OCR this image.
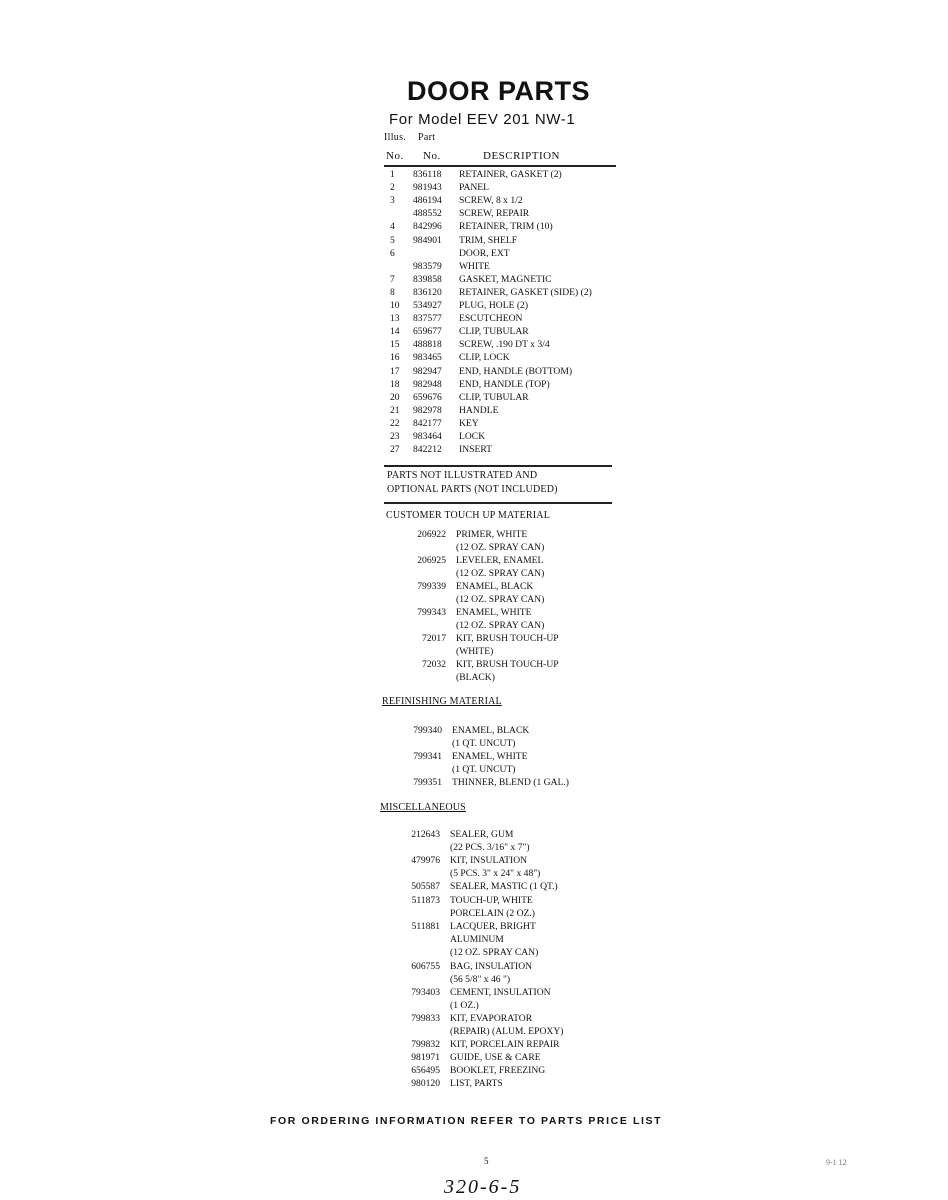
DOOR PARTS
For Model EEV 201 NW-1
Illus. Part
No. No.	DESCRIPTION
1	836118	RETAINER, GASKET (2)
2	981943	PANEL
3	486194	SCREW, 8 x 1/2
488552	SCREW, REPAIR
4	842996	RETAINER, TRIM (10)
5	984901	TRIM, SHELF
6	DOOR, EXT
983579	WHITE
7	839858	GASKET, MAGNETIC
8	836120	RETAINER, GASKET (SIDE) (2)
10	534927	PLUG, HOLE (2)
13	837577	ESCUTCHEON
14	659677	CLIP, TUBULAR
15	488818	SCREW, .190 DT x 3/4
16	983465	CLIP, LOCK
17	982947	END, HANDLE (BOTTOM)
18	982948	END, HANDLE (TOP)
20	659676	CLIP, TUBULAR
21	982978	HANDLE
22	842177	KEY
23	983464	LOCK
27	842212	INSERT
PARTS NOT ILLUSTRATED AND
OPTIONAL PARTS (NOT INCLUDED)
CUSTOMER TOUCH UP MATERIAL
206922 PRIMER, WHITE
(12 OZ. SPRAY CAN)
206925 LEVELER, ENAMEL
(12 OZ. SPRAY CAN)
799339 ENAMEL, BLACK
(12 OZ. SPRAY CAN)
799343 ENAMEL, WHITE
(12 OZ. SPRAY CAN)
72017 KIT, BRUSH TOUCH-UP
(WHITE)
72032 KIT, BRUSH TOUCH-UP
(BLACK)
REFINISHING MATERIAL
799340 ENAMEL, BLACK
(1 QT. UNCUT)
799341 ENAMEL, WHITE
(1 QT. UNCUT)
799351 THINNER, BLEND (1 GAL.)
MISCELLANEOUS
212643 SEALER, GUM
(22 PCS. 3/16" x 7")
479976 KIT, INSULATION
(5 PCS. 3" x 24" x 48")
505587 SEALER, MASTIC (1 QT.)
511873 TOUCH-UP, WHITE
PORCELAIN (2 OZ.)
511881 LACQUER, BRIGHT
ALUMINUM
(12 OZ. SPRAY CAN)
606755 BAG, INSULATION
(56 5/8" x 46 ")
793403 CEMENT, INSULATION
(1 OZ.)
799833 KIT, EVAPORATOR
(REPAIR) (ALUM. EPOXY)
799832 KIT, PORCELAIN REPAIR
981971 GUIDE, USE & CARE
656495 BOOKLET, FREEZING
980120 LIST, PARTS
FOR ORDERING INFORMATION REFER TO PARTS PRICE LIST
5	9-1 12
320-6-5
